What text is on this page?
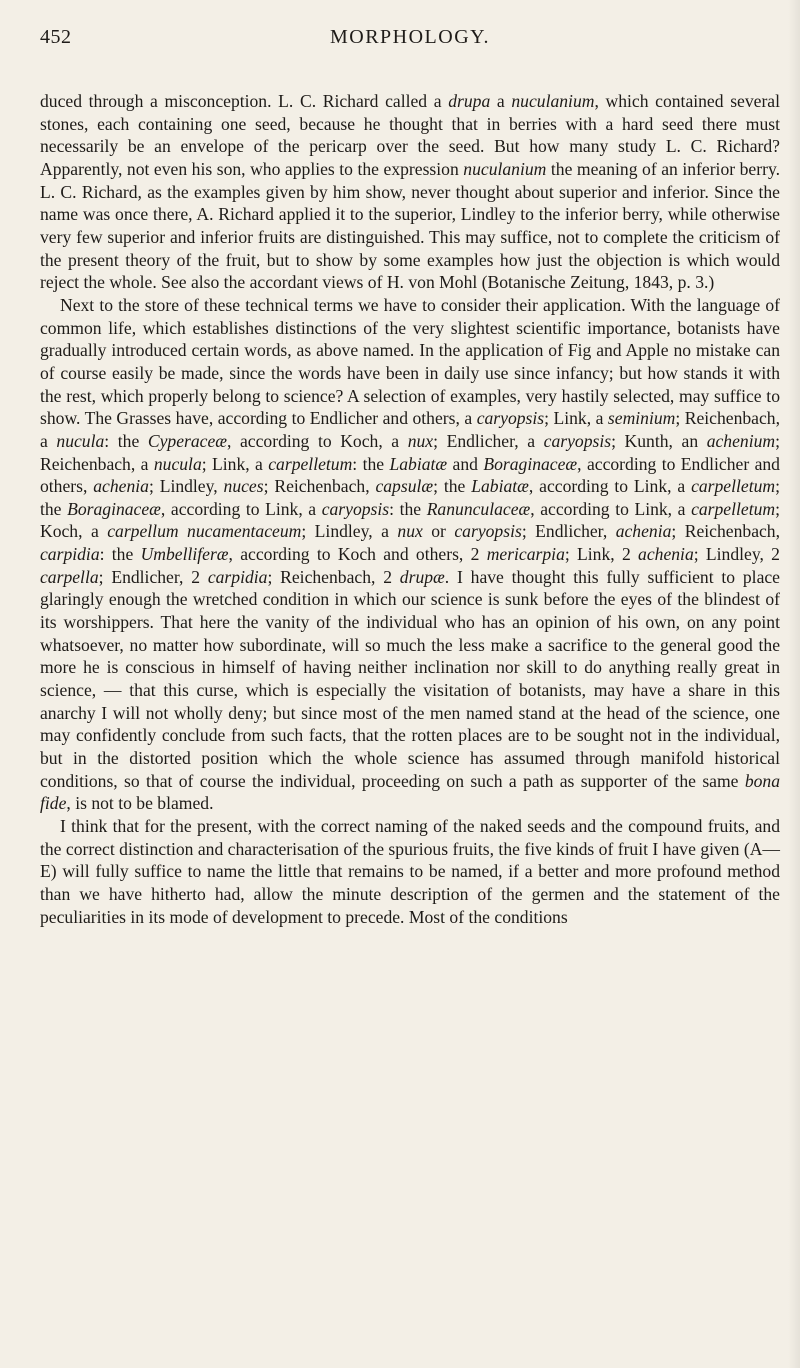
452	MORPHOLOGY.

duced through a misconception. L. C. Richard called a drupa a nuculanium, which contained several stones, each containing one seed, because he thought that in berries with a hard seed there must necessarily be an envelope of the pericarp over the seed. But how many study L. C. Richard? Apparently, not even his son, who applies to the expression nuculanium the meaning of an inferior berry. L. C. Richard, as the examples given by him show, never thought about superior and inferior. Since the name was once there, A. Richard applied it to the superior, Lindley to the inferior berry, while otherwise very few superior and inferior fruits are distinguished. This may suffice, not to complete the criticism of the present theory of the fruit, but to show by some examples how just the objection is which would reject the whole. See also the accordant views of H. von Mohl (Botanische Zeitung, 1843, p. 3.)

Next to the store of these technical terms we have to consider their application. With the language of common life, which establishes distinctions of the very slightest scientific importance, botanists have gradually introduced certain words, as above named. In the application of Fig and Apple no mistake can of course easily be made, since the words have been in daily use since infancy; but how stands it with the rest, which properly belong to science? A selection of examples, very hastily selected, may suffice to show. The Grasses have, according to Endlicher and others, a caryopsis; Link, a seminium; Reichenbach, a nucula: the Cyperaceæ, according to Koch, a nux; Endlicher, a caryopsis; Kunth, an achenium; Reichenbach, a nucula; Link, a carpelletum: the Labiatæ and Boraginaceæ, according to Endlicher and others, achenia; Lindley, nuces; Reichenbach, capsulæ; the Labiatæ, according to Link, a carpelletum; the Boraginaceæ, according to Link, a caryopsis: the Ranunculaceæ, according to Link, a carpelletum; Koch, a carpellum nucamentaceum; Lindley, a nux or caryopsis; Endlicher, achenia; Reichenbach, carpidia: the Umbelliferæ, according to Koch and others, 2 mericarpia; Link, 2 achenia; Lindley, 2 carpella; Endlicher, 2 carpidia; Reichenbach, 2 drupæ. I have thought this fully sufficient to place glaringly enough the wretched condition in which our science is sunk before the eyes of the blindest of its worshippers. That here the vanity of the individual who has an opinion of his own, on any point whatsoever, no matter how subordinate, will so much the less make a sacrifice to the general good the more he is conscious in himself of having neither inclination nor skill to do anything really great in science, — that this curse, which is especially the visitation of botanists, may have a share in this anarchy I will not wholly deny; but since most of the men named stand at the head of the science, one may confidently conclude from such facts, that the rotten places are to be sought not in the individual, but in the distorted position which the whole science has assumed through manifold historical conditions, so that of course the individual, proceeding on such a path as supporter of the same bona fide, is not to be blamed.

I think that for the present, with the correct naming of the naked seeds and the compound fruits, and the correct distinction and characterisation of the spurious fruits, the five kinds of fruit I have given (A—E) will fully suffice to name the little that remains to be named, if a better and more profound method than we have hitherto had, allow the minute description of the germen and the statement of the peculiarities in its mode of development to precede. Most of the conditions
